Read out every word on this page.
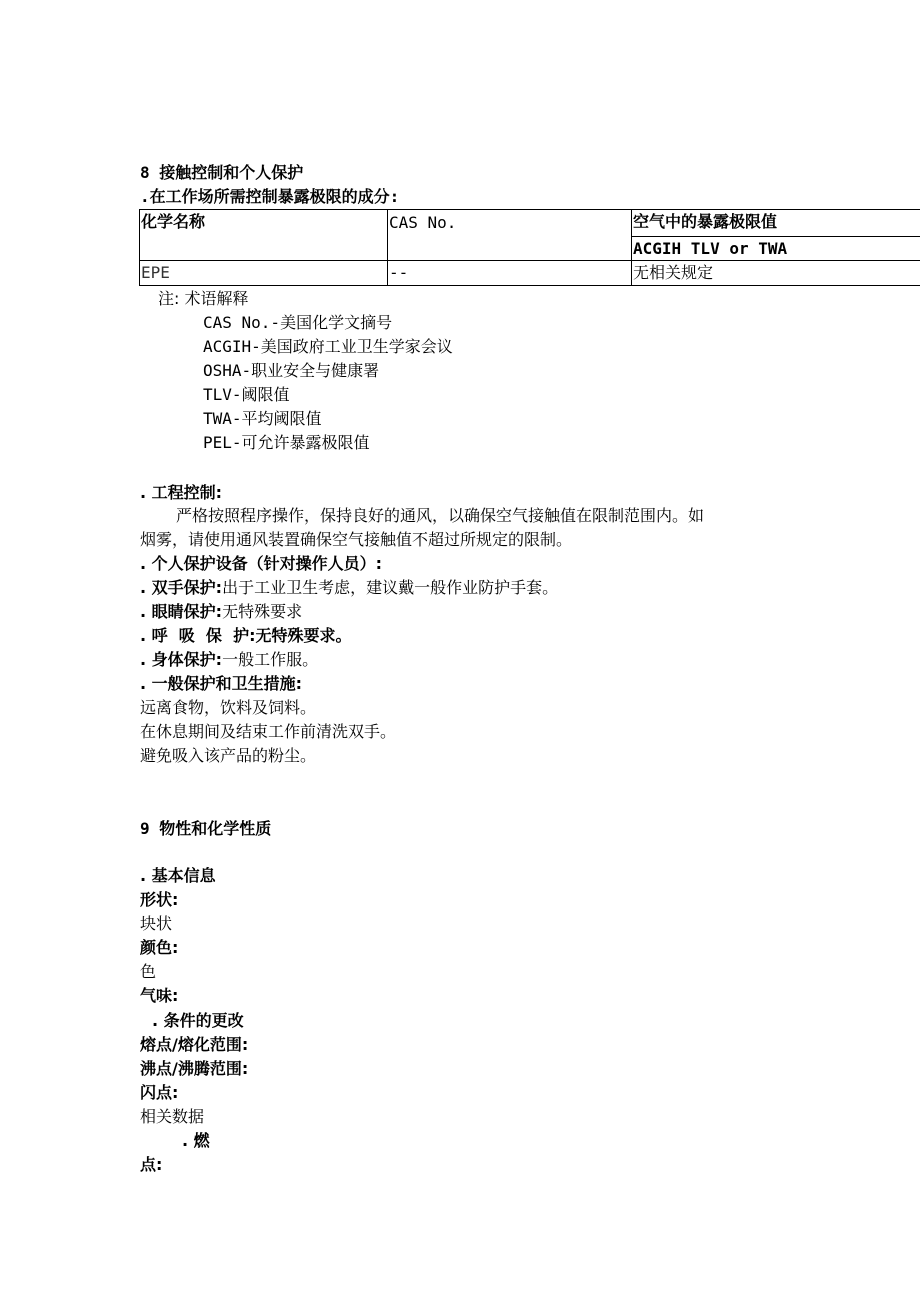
8 接触控制和个人保护
.在工作场所需控制暴露极限的成分:
化学名称	CAS No.	空气中的暴露极限值
ACGIH TLV or TWA
EPE	--	无相关规定
注: 术语解释
CAS No.-美国化学文摘号
ACGIH-美国政府工业卫生学家会议
OSHA-职业安全与健康署
TLV-阈限值
TWA-平均阈限值
PEL-可允许暴露极限值
. 工程控制:
严格按照程序操作，保持良好的通风，以确保空气接触值在限制范围内。如
烟雾，请使用通风装置确保空气接触值不超过所规定的限制。
. 个人保护设备（针对操作人员）:
. 双手保护:出于工业卫生考虑，建议戴一般作业防护手套。
. 眼睛保护:无特殊要求
. 呼  吸  保  护:无特殊要求。
. 身体保护:一般工作服。
. 一般保护和卫生措施:
远离食物，饮料及饲料。
在休息期间及结束工作前清洗双手。
避免吸入该产品的粉尘。
9 物性和化学性质
. 基本信息
形状:
块状
颜色:
色
气味:
. 条件的更改
熔点/熔化范围:
沸点/沸腾范围:
闪点:
相关数据
. 燃
点:
